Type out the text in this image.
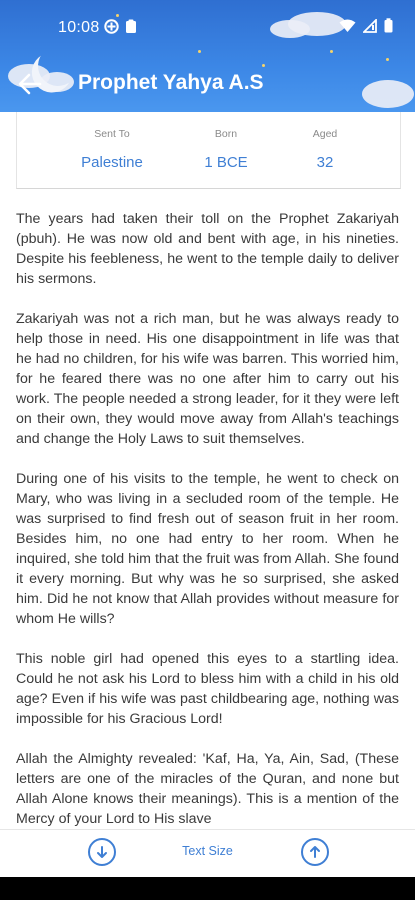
10:08
Prophet Yahya A.S
Sent To
Palestine
Born
1 BCE
Aged
32

The years had taken their toll on the Prophet Zakariyah (pbuh). He was now old and bent with age, in his nineties. Despite his feebleness, he went to the temple daily to deliver his sermons.

Zakariyah was not a rich man, but he was always ready to help those in need. His one disappointment in life was that he had no children, for his wife was barren. This worried him, for he feared there was no one after him to carry out his work. The people needed a strong leader, for it they were left on their own, they would move away from Allah's teachings and change the Holy Laws to suit themselves.

During one of his visits to the temple, he went to check on Mary, who was living in a secluded room of the temple. He was surprised to find fresh out of season fruit in her room. Besides him, no one had entry to her room. When he inquired, she told him that the fruit was from Allah. She found it every morning. But why was he so surprised, she asked him. Did he not know that Allah provides without measure for whom He wills?

This noble girl had opened this eyes to a startling idea. Could he not ask his Lord to bless him with a child in his old age? Even if his wife was past childbearing age, nothing was impossible for his Gracious Lord!

Allah the Almighty revealed: 'Kaf, Ha, Ya, Ain, Sad, (These letters are one of the miracles of the Quran, and none but Allah Alone knows their meanings). This is a mention of the Mercy of your Lord to His slave

Text Size
